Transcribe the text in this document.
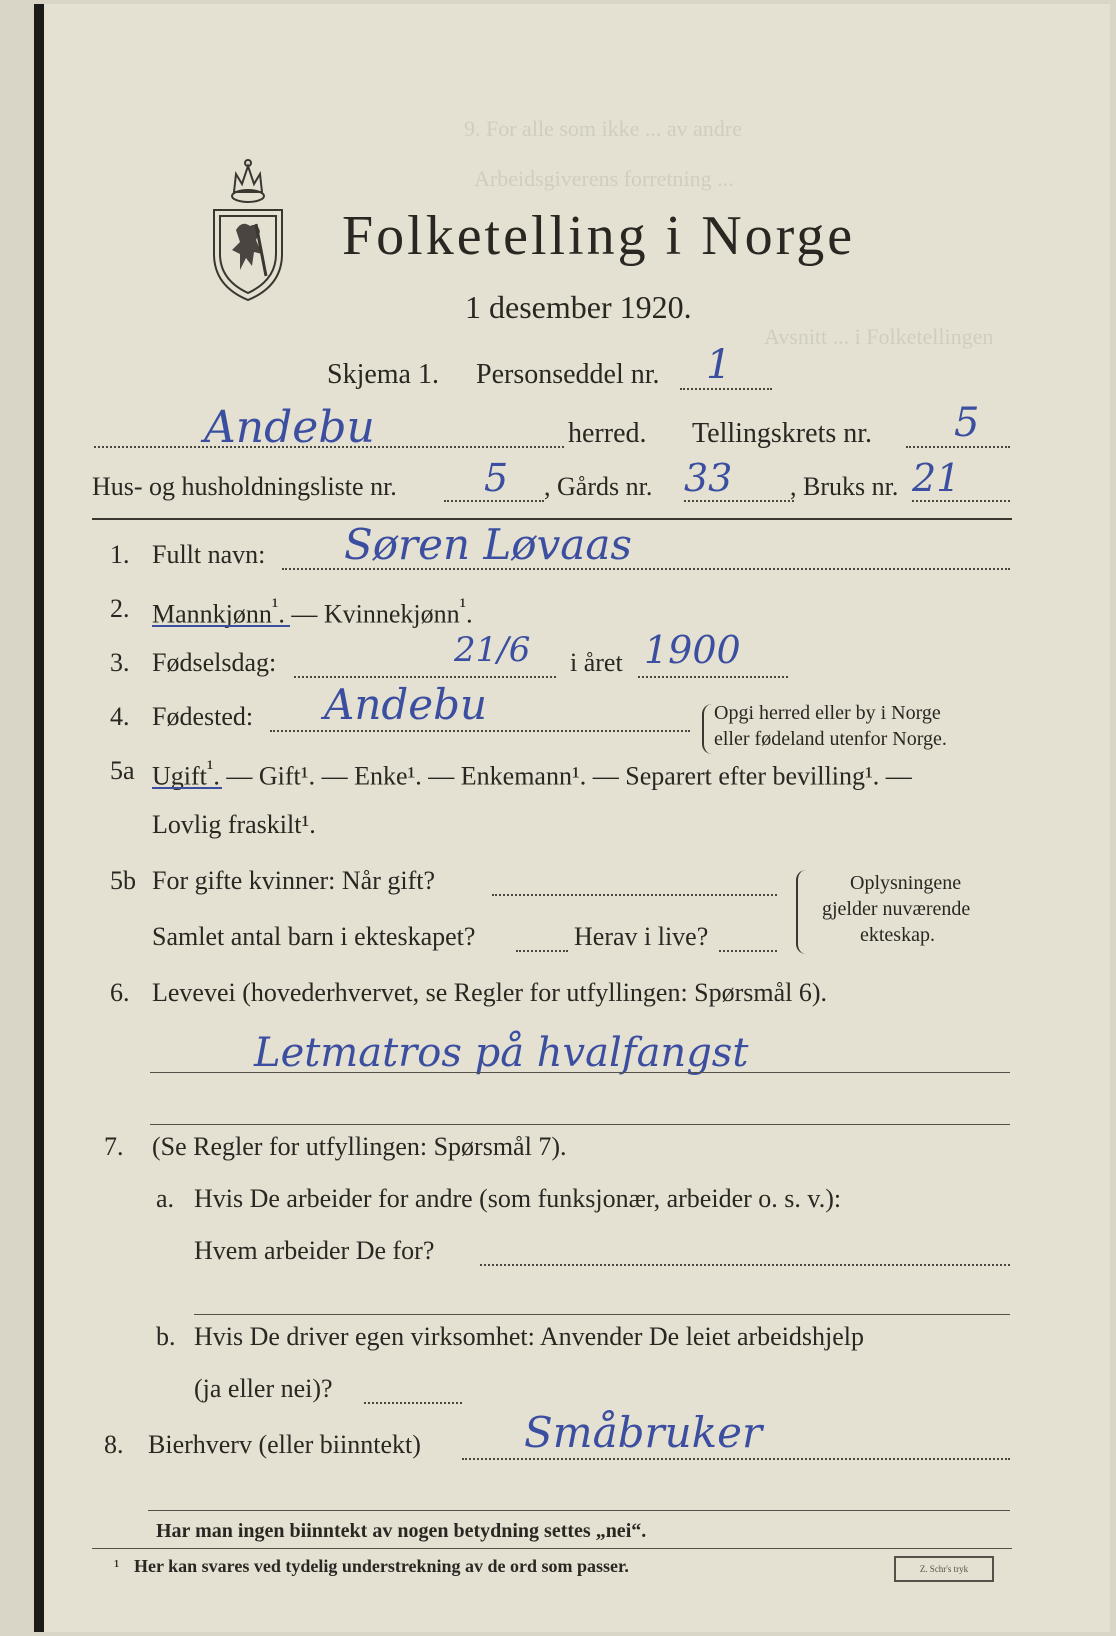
9. For alle som ikke ... av andre
Arbeidsgiverens forretning ...
Avsnitt ... i Folketellingen
Folketelling i Norge
1 desember 1920.
Skjema 1. Personseddel nr. 1
Andebu	herred. Tellingskrets nr. 5
Hus- og husholdningsliste nr. 5 , Gårds nr. 33 , Bruks nr. 21
1. Fullt navn: Søren Løvaas
2. Mannkjønn$^{^1}$. — Kvinnekjønn$^{^1}$.
3. Fødselsdag:	21/6 i året 1900
4. Fødested: Andebu	Opgi herred eller by i Norge
eller fødeland utenfor Norge.
5a Ugift$^{^1}$. — Gift¹. — Enke¹. — Enkemann¹. — Separert efter bevilling¹. —
Lovlig fraskilt¹.
5b For gifte kvinner: Når gift?
Samlet antal barn i ekteskapet?	Herav i live?
Oplysningene
gjelder nuværende
ekteskap.
6. Levevei (hovederhvervet, se Regler for utfyllingen: Spørsmål 6).
Letmatros på hvalfangst
7. (Se Regler for utfyllingen: Spørsmål 7).
a. Hvis De arbeider for andre (som funksjonær, arbeider o. s. v.):
Hvem arbeider De for?
b. Hvis De driver egen virksomhet: Anvender De leiet arbeidshjelp
(ja eller nei)?
8. Bierhverv (eller biinntekt) Småbruker
Har man ingen biinntekt av nogen betydning settes „nei“.
¹ Her kan svares ved tydelig understrekning av de ord som passer.	Z. Schr's tryk
